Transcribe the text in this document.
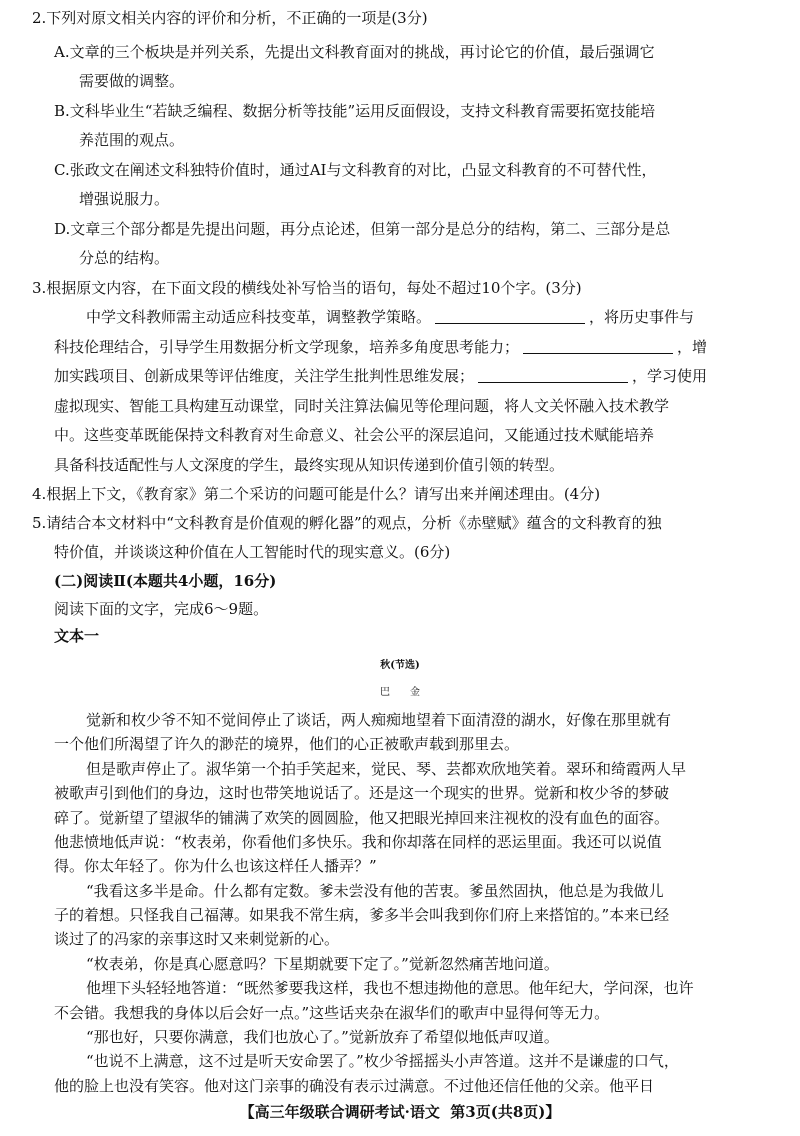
2.下列对原文相关内容的评价和分析，不正确的一项是(3分)
A.文章的三个板块是并列关系，先提出文科教育面对的挑战，再讨论它的价值，最后强调它
需要做的调整。
B.文科毕业生“若缺乏编程、数据分析等技能”运用反面假设，支持文科教育需要拓宽技能培
养范围的观点。
C.张政文在阐述文科独特价值时，通过AI与文科教育的对比，凸显文科教育的不可替代性，
增强说服力。
D.文章三个部分都是先提出问题，再分点论述，但第一部分是总分的结构，第二、三部分是总
分总的结构。
3.根据原文内容，在下面文段的横线处补写恰当的语句，每处不超过10个字。(3分)
中学文科教师需主动适应科技变革，调整教学策略。	，将历史事件与
科技伦理结合，引导学生用数据分析文学现象，培养多角度思考能力；	，增
加实践项目、创新成果等评估维度，关注学生批判性思维发展；	，学习使用
虚拟现实、智能工具构建互动课堂，同时关注算法偏见等伦理问题，将人文关怀融入技术教学
中。这些变革既能保持文科教育对生命意义、社会公平的深层追问，又能通过技术赋能培养
具备科技适配性与人文深度的学生，最终实现从知识传递到价值引领的转型。
4.根据上下文，《教育家》第二个采访的问题可能是什么？请写出来并阐述理由。(4分)
5.请结合本文材料中“文科教育是价值观的孵化器”的观点，分析《赤壁赋》蕴含的文科教育的独
特价值，并谈谈这种价值在人工智能时代的现实意义。(6分)
(二)阅读Ⅱ(本题共4小题，16分)
阅读下面的文字，完成6～9题。
文本一
秋(节选)
巴金
觉新和枚少爷不知不觉间停止了谈话，两人痴痴地望着下面清澄的湖水，好像在那里就有
一个他们所渴望了许久的渺茫的境界，他们的心正被歌声载到那里去。
但是歌声停止了。淑华第一个拍手笑起来，觉民、琴、芸都欢欣地笑着。翠环和绮霞两人早
被歌声引到他们的身边，这时也带笑地说话了。还是这一个现实的世界。觉新和枚少爷的梦破
碎了。觉新望了望淑华的铺满了欢笑的圆圆脸，他又把眼光掉回来注视枚的没有血色的面容。
他悲愤地低声说：“枚表弟，你看他们多快乐。我和你却落在同样的恶运里面。我还可以说值
得。你太年轻了。你为什么也该这样任人播弄？”
“我看这多半是命。什么都有定数。爹未尝没有他的苦衷。爹虽然固执，他总是为我做儿
子的着想。只怪我自己福薄。如果我不常生病，爹多半会叫我到你们府上来搭馆的。”本来已经
谈过了的冯家的亲事这时又来刺觉新的心。
“枚表弟，你是真心愿意吗？下星期就要下定了。”觉新忽然痛苦地问道。
他埋下头轻轻地答道：“既然爹要我这样，我也不想违拗他的意思。他年纪大，学问深，也许
不会错。我想我的身体以后会好一点。”这些话夹杂在淑华们的歌声中显得何等无力。
“那也好，只要你满意，我们也放心了。”觉新放弃了希望似地低声叹道。
【高三年级联合调研考试·语文 第3页(共8页)】
“也说不上满意，这不过是听天安命罢了。”枚少爷摇摇头小声答道。这并不是谦虚的口气，
他的脸上也没有笑容。他对这门亲事的确没有表示过满意。不过他还信任他的父亲。他平日
